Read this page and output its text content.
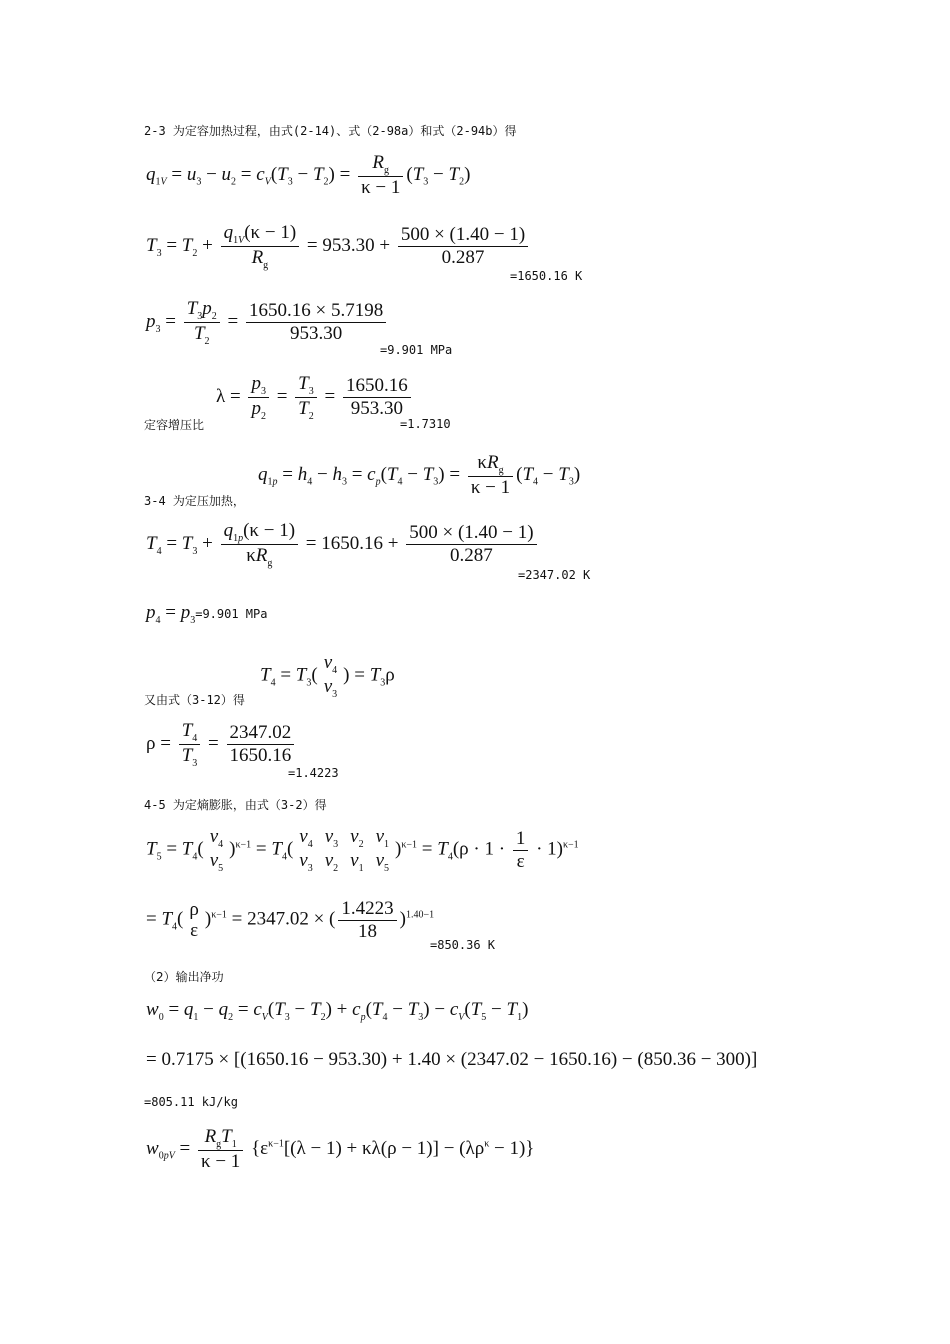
2-3 为定容加热过程，由式(2-14)、式（2-98a）和式（2-94b）得
$q_{1V} = u_3 - u_2 = c_V(T_3 - T_2) = \frac{R_g}{\kappa - 1} (T_3 - T_2)$
$T_3 = T_2 + \frac{q_{1V}(\kappa - 1)}{R_g} = 953.30 + \frac{500 \times (1.40 - 1)}{0.287}$
=1650.16 K
$p_3 = \frac{T_3p_2}{T_2} = \frac{1650.16 \times 5.7198}{953.30}$
=9.901 MPa
$\lambda = \frac{p_3}{p_2} = \frac{T_3}{T_2} = \frac{1650.16}{953.30}$
定容增压比	=1.7310
$q_{1p} = h_4 - h_3 = c_p(T_4 - T_3) = \frac{\kappa R_g}{\kappa - 1} (T_4 - T_3)$
3-4 为定压加热，
$T_4 = T_3 + \frac{q_{1p}(\kappa - 1)}{\kappa R_g} = 1650.16 + \frac{500 \times (1.40 - 1)}{0.287}$
=2347.02 K
$p_4 = p_3=9.901$ MPa
$T_4 = T_3$(
$v_4$
$v_3$
) = $T_3\rho$
又由式（3-12）得
$\rho = \frac{T_4}{T_3} = \frac{2347.02}{1650.16}$
=1.4223
4-5 为定熵膨胀，由式（3-2）得
$T_5 = T_4$(
$v_4$
$v_5$
)$^{\kappa-1} = T_4$(
$v_4$
$v_3$
$v_3$
$v_2$
$v_2$
$v_1$
$v_1$
$v_5$
)$^{\kappa-1} = T_4(\rho \cdot 1 \cdot \frac{1}{\varepsilon} \cdot 1)^{\kappa-1}$
= $T_4$( ρ
ε
)$^{\kappa-1}$ = 2347.02 × ( $\frac{1.4223}{18} )^{1.40-1}$
=850.36 K
（2）输出净功
$w_0 = q_1 - q_2 = c_V(T_3 - T_2) + c_p(T_4 - T_3) - c_V(T_5 - T_1)$
= 0.7175 × [(1650.16 − 953.30) + 1.40 × (2347.02 − 1650.16) − (850.36 − 300)]
=805.11 kJ/kg
$w_{0pV} = \frac{R_gT_1}{\kappa - 1} \{\varepsilon^{\kappa-1}[(\lambda - 1) + \kappa\lambda(\rho - 1)] - (\lambda\rho^\kappa - 1)\}$
